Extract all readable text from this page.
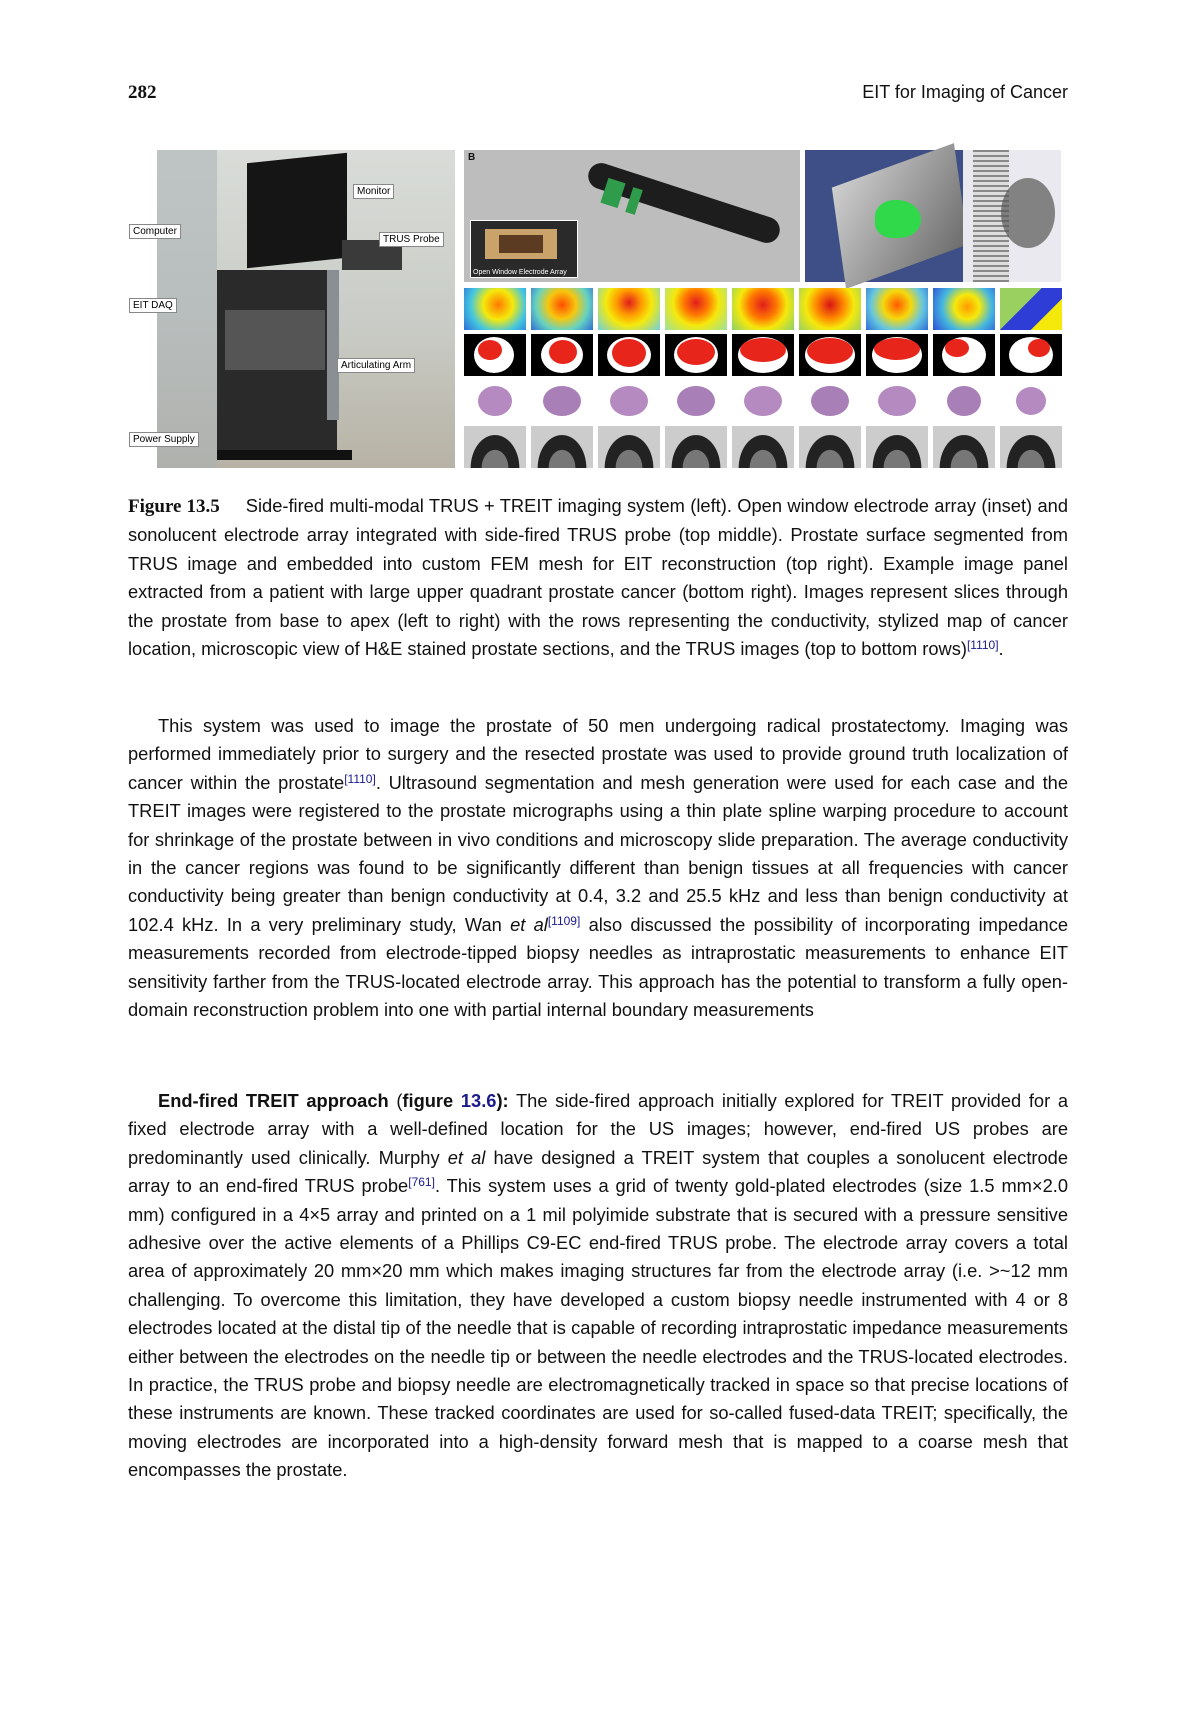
282	EIT for Imaging of Cancer
Monitor
Computer
TRUS Probe
EIT DAQ
Articulating Arm
Power Supply
B
Open Window Electrode Array
Figure 13.5 Side-fired multi-modal TRUS + TREIT imaging system (left). Open window electrode array (inset) and sonolucent electrode array integrated with side-fired TRUS probe (top middle). Prostate surface segmented from TRUS image and embedded into custom FEM mesh for EIT reconstruction (top right). Example image panel extracted from a patient with large upper quadrant prostate cancer (bottom right). Images represent slices through the prostate from base to apex (left to right) with the rows representing the conductivity, stylized map of cancer location, microscopic view of H&E stained prostate sections, and the TRUS images (top to bottom rows)[1110].
This system was used to image the prostate of 50 men undergoing radical prostatectomy. Imaging was performed immediately prior to surgery and the resected prostate was used to provide ground truth localization of cancer within the prostate[1110]. Ultrasound segmentation and mesh generation were used for each case and the TREIT images were registered to the prostate micrographs using a thin plate spline warping procedure to account for shrinkage of the prostate between in vivo conditions and microscopy slide preparation. The average conductivity in the cancer regions was found to be significantly different than benign tissues at all frequencies with cancer conductivity being greater than benign conductivity at 0.4, 3.2 and 25.5 kHz and less than benign conductivity at 102.4 kHz. In a very preliminary study, Wan et al[1109] also discussed the possibility of incorporating impedance measurements recorded from electrode-tipped biopsy needles as intraprostatic measurements to enhance EIT sensitivity farther from the TRUS-located electrode array. This approach has the potential to transform a fully open-domain reconstruction problem into one with partial internal boundary measurements
End-fired TREIT approach (figure 13.6): The side-fired approach initially explored for TREIT provided for a fixed electrode array with a well-defined location for the US images; however, end-fired US probes are predominantly used clinically. Murphy et al have designed a TREIT system that couples a sonolucent electrode array to an end-fired TRUS probe[761]. This system uses a grid of twenty gold-plated electrodes (size 1.5 mm×2.0 mm) configured in a 4×5 array and printed on a 1 mil polyimide substrate that is secured with a pressure sensitive adhesive over the active elements of a Phillips C9-EC end-fired TRUS probe. The electrode array covers a total area of approximately 20 mm×20 mm which makes imaging structures far from the electrode array (i.e. >~12 mm challenging. To overcome this limitation, they have developed a custom biopsy needle instrumented with 4 or 8 electrodes located at the distal tip of the needle that is capable of recording intraprostatic impedance measurements either between the electrodes on the needle tip or between the needle electrodes and the TRUS-located electrodes. In practice, the TRUS probe and biopsy needle are electromagnetically tracked in space so that precise locations of these instruments are known. These tracked coordinates are used for so-called fused-data TREIT; specifically, the moving electrodes are incorporated into a high-density forward mesh that is mapped to a coarse mesh that encompasses the prostate.
